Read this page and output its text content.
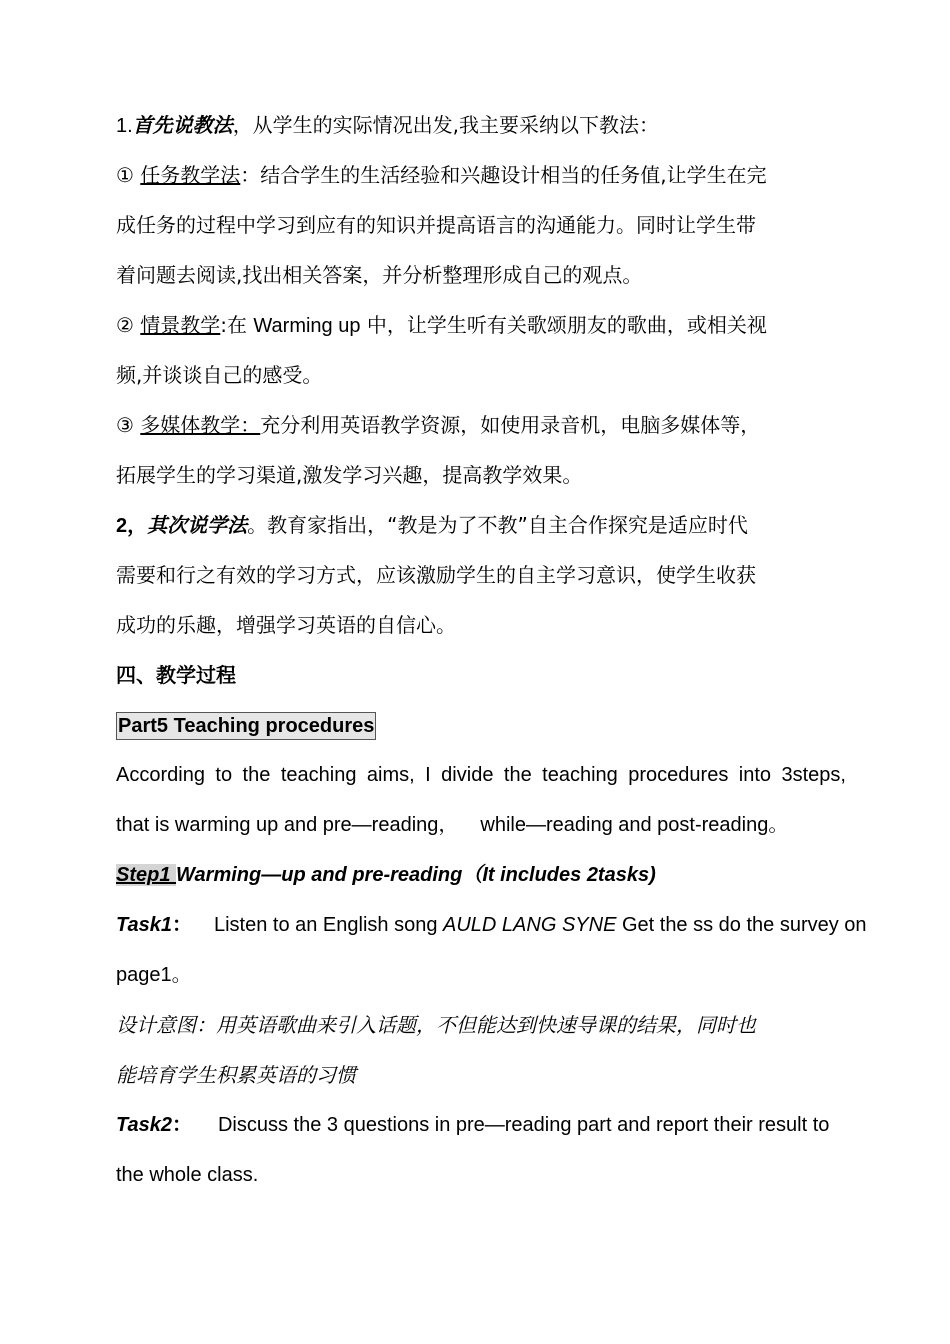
1.首先说教法，从学生的实际情况出发,我主要采纳以下教法：
① 任务教学法：结合学生的生活经验和兴趣设计相当的任务值,让学生在完
成任务的过程中学习到应有的知识并提高语言的沟通能力。同时让学生带
着问题去阅读,找出相关答案，并分析整理形成自己的观点。
② 情景教学:在 Warming up 中，让学生听有关歌颂朋友的歌曲，或相关视
频,并谈谈自己的感受。
③ 多媒体教学：充分利用英语教学资源，如使用录音机，电脑多媒体等，
拓展学生的学习渠道,激发学习兴趣，提高教学效果。
2，其次说学法。教育家指出，“教是为了不教”自主合作探究是适应时代
需要和行之有效的学习方式，应该激励学生的自主学习意识，使学生收获
成功的乐趣，增强学习英语的自信心。
四、教学过程
Part5 Teaching procedures
According to the teaching aims, I divide the teaching procedures into 3steps,
that is warming up and pre—reading， while—reading and post-reading。
Step1 Warming—up and pre-reading（It includes 2tasks)
Task1： Listen to an English song AULD LANG SYNE Get the ss do the survey on
page1。
设计意图：用英语歌曲来引入话题，不但能达到快速导课的结果，同时也
能培育学生积累英语的习惯
Task2： Discuss the 3 questions in pre—reading part and report their result to
the whole class.
